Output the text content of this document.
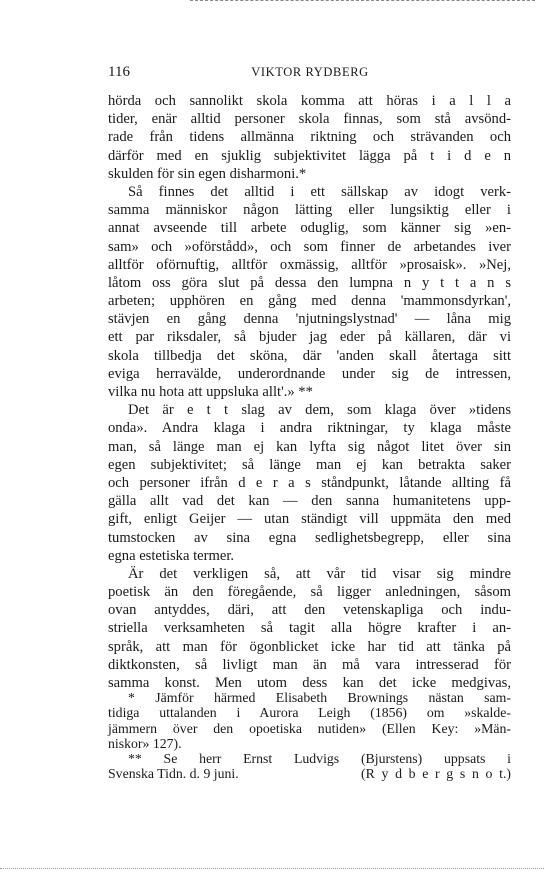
116	VIKTOR RYDBERG
hörda och sannolikt skola komma att höras i a l l a
tider, enär alltid personer skola finnas, som stå avsönd-
rade från tidens allmänna riktning och strävanden och
därför med en sjuklig subjektivitet lägga på t i d e n
skulden för sin egen disharmoni.*
Så finnes det alltid i ett sällskap av idogt verk-
samma människor någon lätting eller lungsiktig eller i
annat avseende till arbete oduglig, som känner sig »en-
sam» och »oförstådd», och som finner de arbetandes iver
alltför oförnuftig, alltför oxmässig, alltför »prosaisk». »Nej,
låtom oss göra slut på dessa den lumpna n y t t a n s
arbeten; upphören en gång med denna 'mammonsdyrkan',
stävjen en gång denna 'njutningslystnad' — låna mig
ett par riksdaler, så bjuder jag eder på källaren, där vi
skola tillbedja det sköna, där 'anden skall återtaga sitt
eviga herravälde, underordnande under sig de intressen,
vilka nu hota att uppsluka allt'.» **
Det är e t t slag av dem, som klaga över »tidens
onda». Andra klaga i andra riktningar, ty klaga måste
man, så länge man ej kan lyfta sig något litet över sin
egen subjektivitet; så länge man ej kan betrakta saker
och personer ifrån d e r a s ståndpunkt, låtande allting få
gälla allt vad det kan — den sanna humanitetens upp-
gift, enligt Geijer — utan ständigt vill uppmäta den med
tumstocken av sina egna sedlighetsbegrepp, eller sina
egna estetiska termer.
Är det verkligen så, att vår tid visar sig mindre
poetisk än den föregående, så ligger anledningen, såsom
ovan antyddes, däri, att den vetenskapliga och indu-
striella verksamheten så tagit alla högre krafter i an-
språk, att man för ögonblicket icke har tid att tänka på
diktkonsten, så livligt man än må vara intresserad för
samma konst. Men utom dess kan det icke medgivas,
* Jämför härmed Elisabeth Brownings nästan sam-
tidiga uttalanden i Aurora Leigh (1856) om »skalde-
jämmern över den opoetiska nutiden» (Ellen Key: »Män-
niskor» 127).
** Se herr Ernst Ludvigs (Bjurstens) uppsats i
Svenska Tidn. d. 9 juni.	(R y d b e r g s n o t.)
